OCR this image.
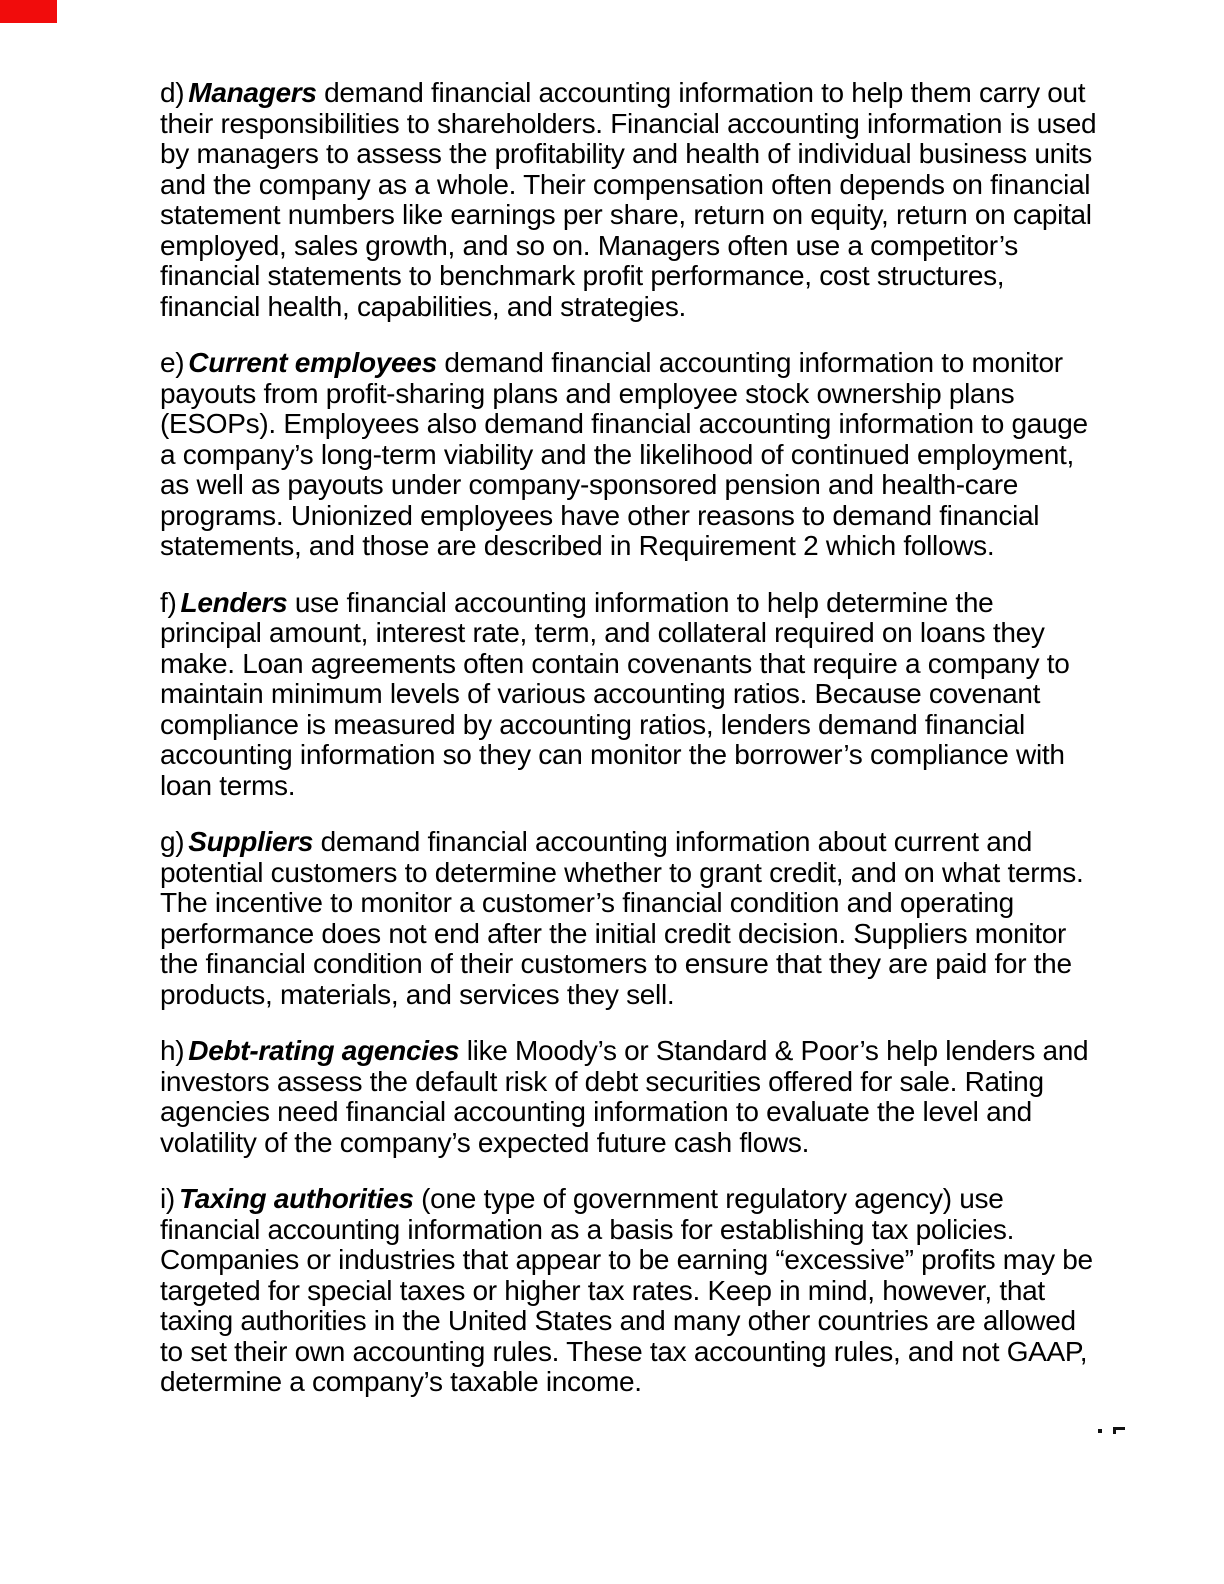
d) Managers demand financial accounting information to help them carry out
their responsibilities to shareholders. Financial accounting information is used
by managers to assess the profitability and health of individual business units
and the company as a whole. Their compensation often depends on financial
statement numbers like earnings per share, return on equity, return on capital
employed, sales growth, and so on. Managers often use a competitor’s
financial statements to benchmark profit performance, cost structures,
financial health, capabilities, and strategies.
e) Current employees demand financial accounting information to monitor
payouts from profit-sharing plans and employee stock ownership plans
(ESOPs). Employees also demand financial accounting information to gauge
a company’s long-term viability and the likelihood of continued employment,
as well as payouts under company-sponsored pension and health-care
programs. Unionized employees have other reasons to demand financial
statements, and those are described in Requirement 2 which follows.
f) Lenders use financial accounting information to help determine the
principal amount, interest rate, term, and collateral required on loans they
make. Loan agreements often contain covenants that require a company to
maintain minimum levels of various accounting ratios. Because covenant
compliance is measured by accounting ratios, lenders demand financial
accounting information so they can monitor the borrower’s compliance with
loan terms.
g) Suppliers demand financial accounting information about current and
potential customers to determine whether to grant credit, and on what terms.
The incentive to monitor a customer’s financial condition and operating
performance does not end after the initial credit decision. Suppliers monitor
the financial condition of their customers to ensure that they are paid for the
products, materials, and services they sell.
h) Debt-rating agencies like Moody’s or Standard & Poor’s help lenders and
investors assess the default risk of debt securities offered for sale. Rating
agencies need financial accounting information to evaluate the level and
volatility of the company’s expected future cash flows.
i) Taxing authorities (one type of government regulatory agency) use
financial accounting information as a basis for establishing tax policies.
Companies or industries that appear to be earning “excessive” profits may be
targeted for special taxes or higher tax rates. Keep in mind, however, that
taxing authorities in the United States and many other countries are allowed
to set their own accounting rules. These tax accounting rules, and not GAAP,
determine a company’s taxable income.
